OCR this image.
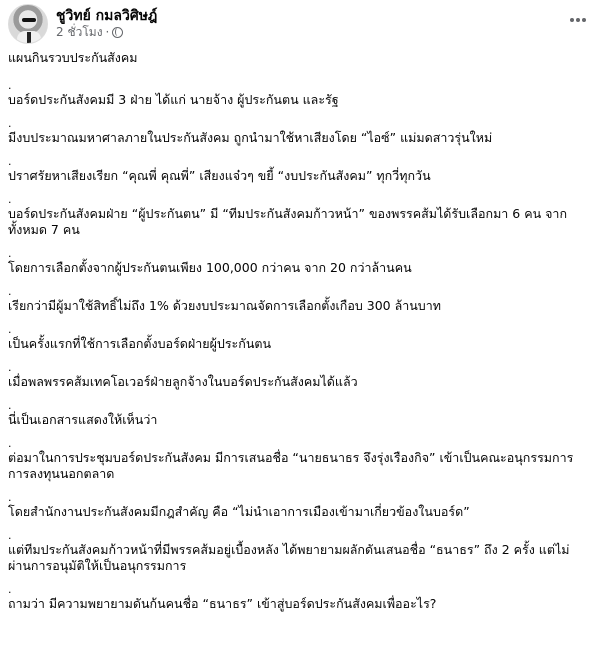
ชูวิทย์ กมลวิศิษฎ์
2 ชั่วโมง ·
แผนกินรวบประกันสังคม
.
บอร์ดประกันสังคมมี 3 ฝ่าย ได้แก่ นายจ้าง ผู้ประกันตน และรัฐ
.
มีงบประมาณมหาศาลภายในประกันสังคม ถูกนำมาใช้หาเสียงโดย “ไอซ์” แม่มดสาวรุ่นใหม่
.
ปราศรัยหาเสียงเรียก “คุณพี่ คุณพี่” เสียงแจ๋วๆ ขยี้ “งบประกันสังคม” ทุกวี่ทุกวัน
.
บอร์ดประกันสังคมฝ่าย “ผู้ประกันตน” มี “ทีมประกันสังคมก้าวหน้า” ของพรรคส้มได้รับเลือกมา 6 คน จากทั้งหมด 7 คน
.
โดยการเลือกตั้งจากผู้ประกันตนเพียง 100,000 กว่าคน จาก 20 กว่าล้านคน
.
เรียกว่ามีผู้มาใช้สิทธิ์ไม่ถึง 1% ด้วยงบประมาณจัดการเลือกตั้งเกือบ 300 ล้านบาท
.
เป็นครั้งแรกที่ใช้การเลือกตั้งบอร์ดฝ่ายผู้ประกันตน
.
เมื่อพลพรรคส้มเทคโอเวอร์ฝ่ายลูกจ้างในบอร์ดประกันสังคมได้แล้ว
.
นี่เป็นเอกสารแสดงให้เห็นว่า
.
ต่อมาในการประชุมบอร์ดประกันสังคม มีการเสนอชื่อ “นายธนาธร จึงรุ่งเรืองกิจ” เข้าเป็นคณะอนุกรรมการการลงทุนนอกตลาด
.
โดยสำนักงานประกันสังคมมีกฎสำคัญ คือ “ไม่นำเอาการเมืองเข้ามาเกี่ยวข้องในบอร์ด”
.
แต่ทีมประกันสังคมก้าวหน้าที่มีพรรคส้มอยู่เบื้องหลัง ได้พยายามผลักดันเสนอชื่อ “ธนาธร” ถึง 2 ครั้ง แต่ไม่ผ่านการอนุมัติให้เป็นอนุกรรมการ
.
ถามว่า มีความพยายามดันก้นคนชื่อ “ธนาธร” เข้าสู่บอร์ดประกันสังคมเพื่ออะไร?
